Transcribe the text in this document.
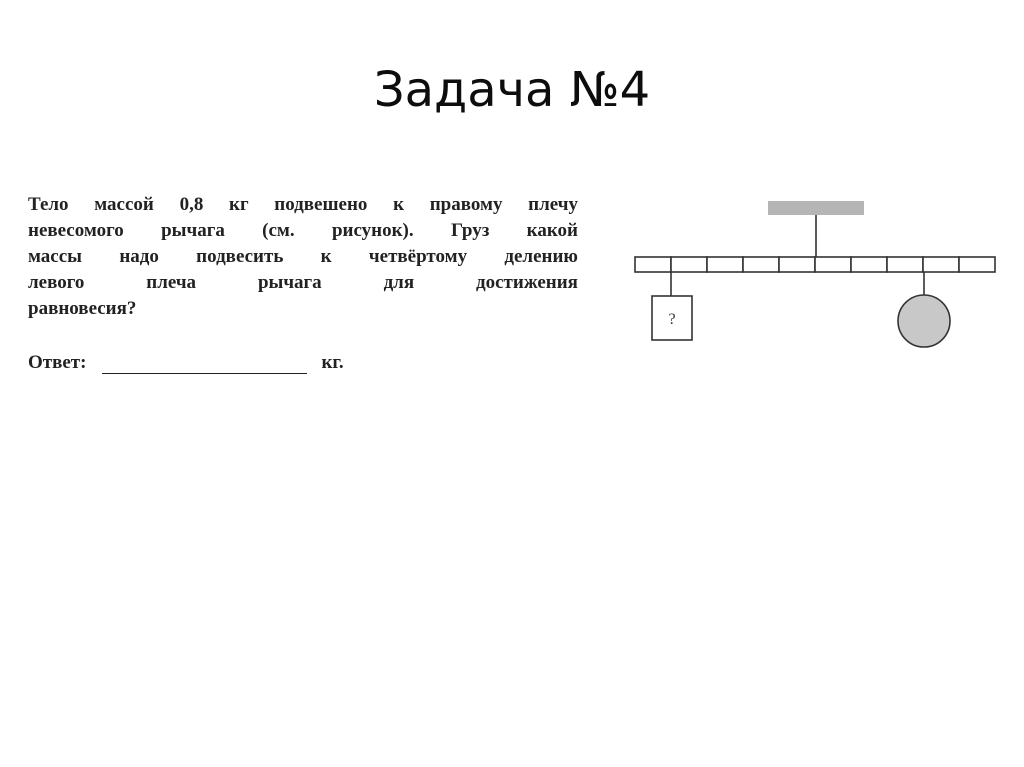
Задача №4
Тело массой 0,8 кг подвешено к правому плечу
невесомого рычага (см. рисунок). Груз какой
массы надо подвесить к четвёртому делению
левого	плеча	рычага	для	достижения
равновесия?
Ответ:	кг.
?
